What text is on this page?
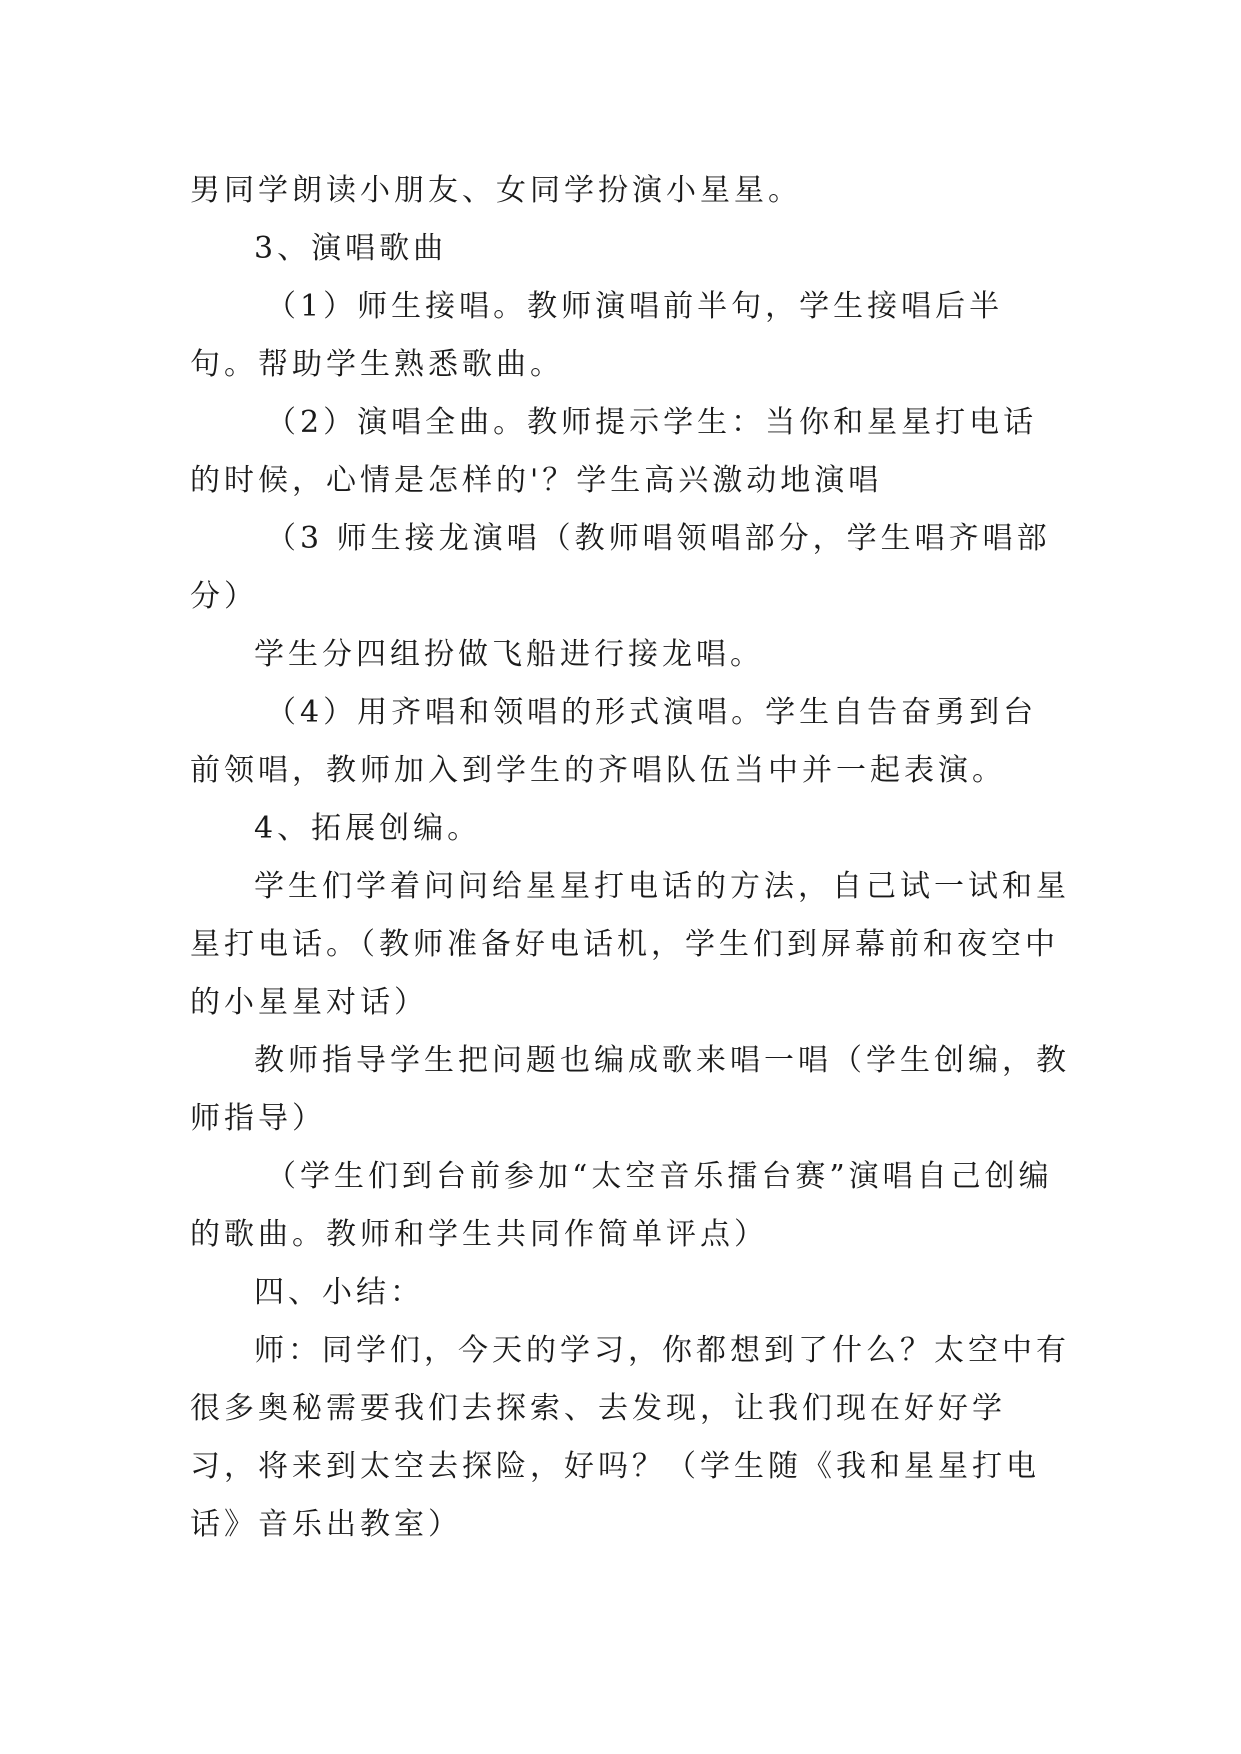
男同学朗读小朋友、女同学扮演小星星。

3、演唱歌曲

（1）师生接唱。教师演唱前半句，学生接唱后半句。帮助学生熟悉歌曲。

（2）演唱全曲。教师提示学生：当你和星星打电话的时候，心情是怎样的'？学生高兴激动地演唱

（3 师生接龙演唱（教师唱领唱部分，学生唱齐唱部分）

学生分四组扮做飞船进行接龙唱。

（4）用齐唱和领唱的形式演唱。学生自告奋勇到台前领唱，教师加入到学生的齐唱队伍当中并一起表演。

4、拓展创编。

学生们学着问问给星星打电话的方法，自己试一试和星星打电话。（教师准备好电话机，学生们到屏幕前和夜空中的小星星对话）

教师指导学生把问题也编成歌来唱一唱（学生创编，教师指导）

（学生们到台前参加“太空音乐擂台赛”演唱自己创编的歌曲。教师和学生共同作简单评点）

四、小结：

师：同学们，今天的学习，你都想到了什么？太空中有很多奥秘需要我们去探索、去发现，让我们现在好好学习，将来到太空去探险，好吗？（学生随《我和星星打电话》音乐出教室）
